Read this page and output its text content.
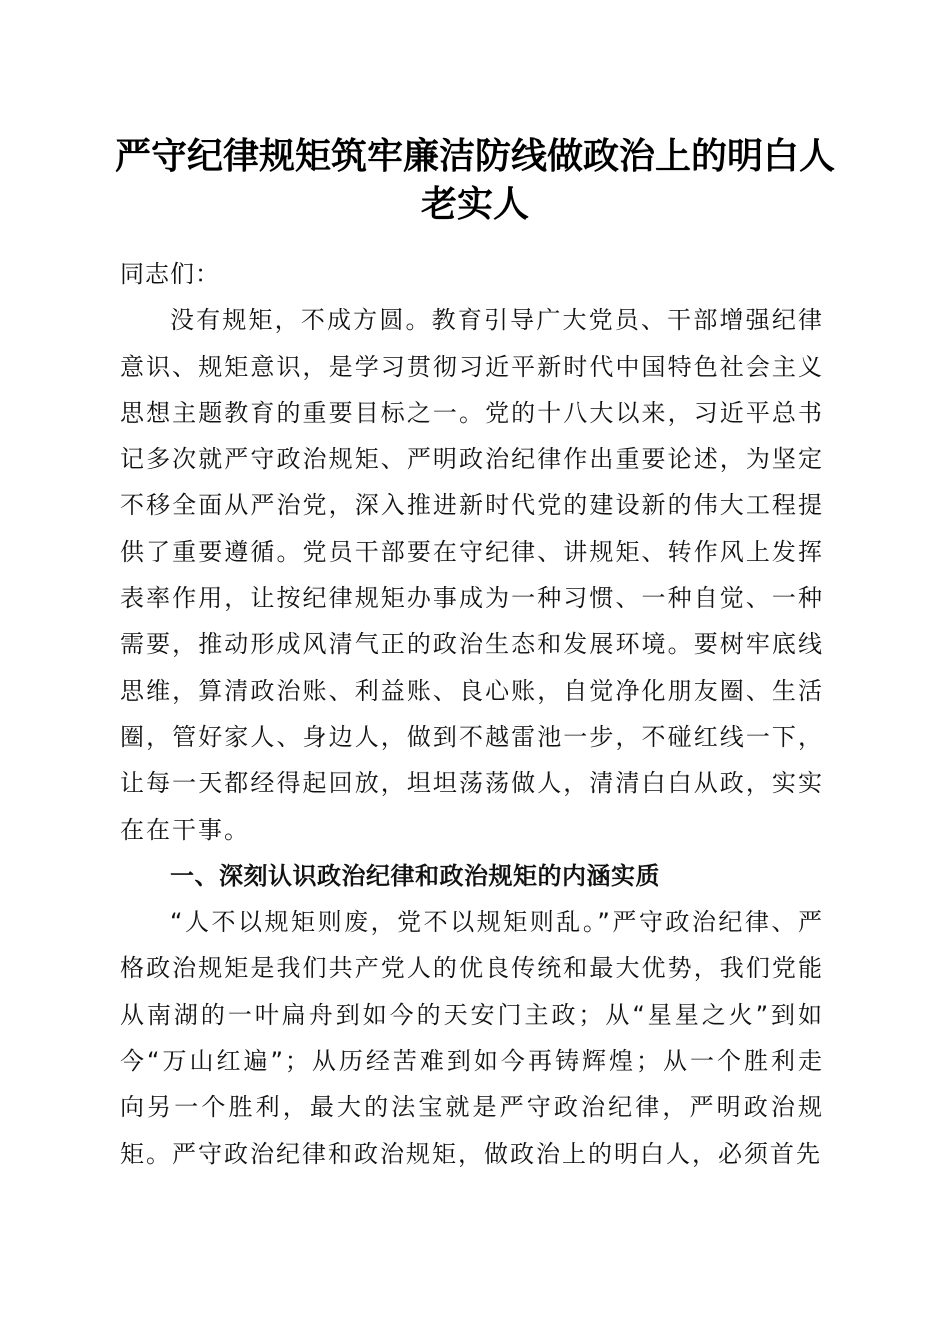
严守纪律规矩筑牢廉洁防线做政治上的明白人
老实人

同志们：

没有规矩，不成方圆。教育引导广大党员、干部增强纪律意识、规矩意识，是学习贯彻习近平新时代中国特色社会主义思想主题教育的重要目标之一。党的十八大以来，习近平总书记多次就严守政治规矩、严明政治纪律作出重要论述，为坚定不移全面从严治党，深入推进新时代党的建设新的伟大工程提供了重要遵循。党员干部要在守纪律、讲规矩、转作风上发挥表率作用，让按纪律规矩办事成为一种习惯、一种自觉、一种需要，推动形成风清气正的政治生态和发展环境。要树牢底线思维，算清政治账、利益账、良心账，自觉净化朋友圈、生活圈，管好家人、身边人，做到不越雷池一步，不碰红线一下，让每一天都经得起回放，坦坦荡荡做人，清清白白从政，实实在在干事。

一、深刻认识政治纪律和政治规矩的内涵实质

“人不以规矩则废，党不以规矩则乱。”严守政治纪律、严格政治规矩是我们共产党人的优良传统和最大优势，我们党能从南湖的一叶扁舟到如今的天安门主政；从“星星之火”到如今“万山红遍”；从历经苦难到如今再铸辉煌；从一个胜利走向另一个胜利，最大的法宝就是严守政治纪律，严明政治规矩。严守政治纪律和政治规矩，做政治上的明白人，必须首先
